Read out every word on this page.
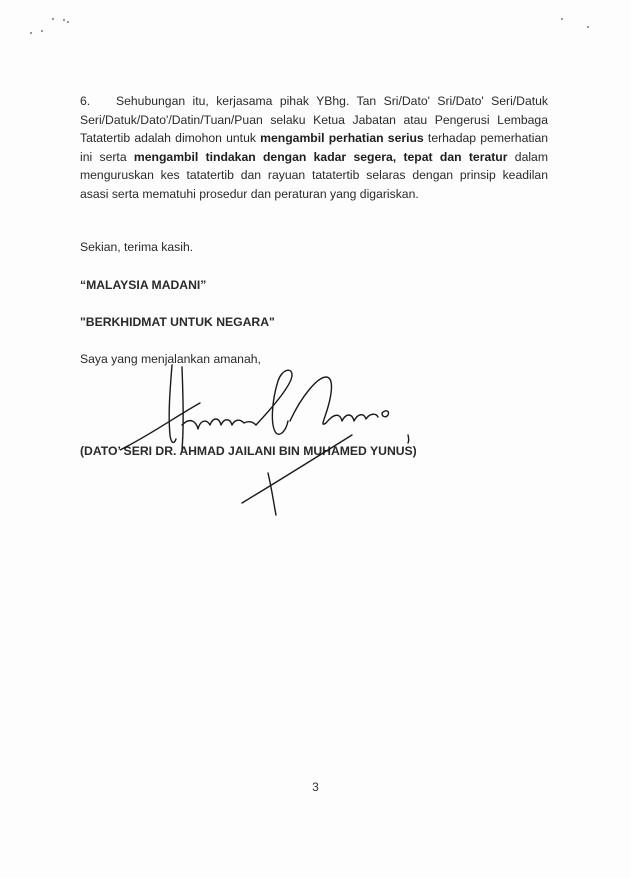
6. Sehubungan itu, kerjasama pihak YBhg. Tan Sri/Dato' Sri/Dato' Seri/Datuk Seri/Datuk/Dato'/Datin/Tuan/Puan selaku Ketua Jabatan atau Pengerusi Lembaga Tatatertib adalah dimohon untuk mengambil perhatian serius terhadap pemerhatian ini serta mengambil tindakan dengan kadar segera, tepat dan teratur dalam menguruskan kes tatatertib dan rayuan tatatertib selaras dengan prinsip keadilan asasi serta mematuhi prosedur dan peraturan yang digariskan.

Sekian, terima kasih.

“MALAYSIA MADANI”

"BERKHIDMAT UNTUK NEGARA"

Saya yang menjalankan amanah,

(DATO’ SERI DR. AHMAD JAILANI BIN MUHAMED YUNUS)

3
